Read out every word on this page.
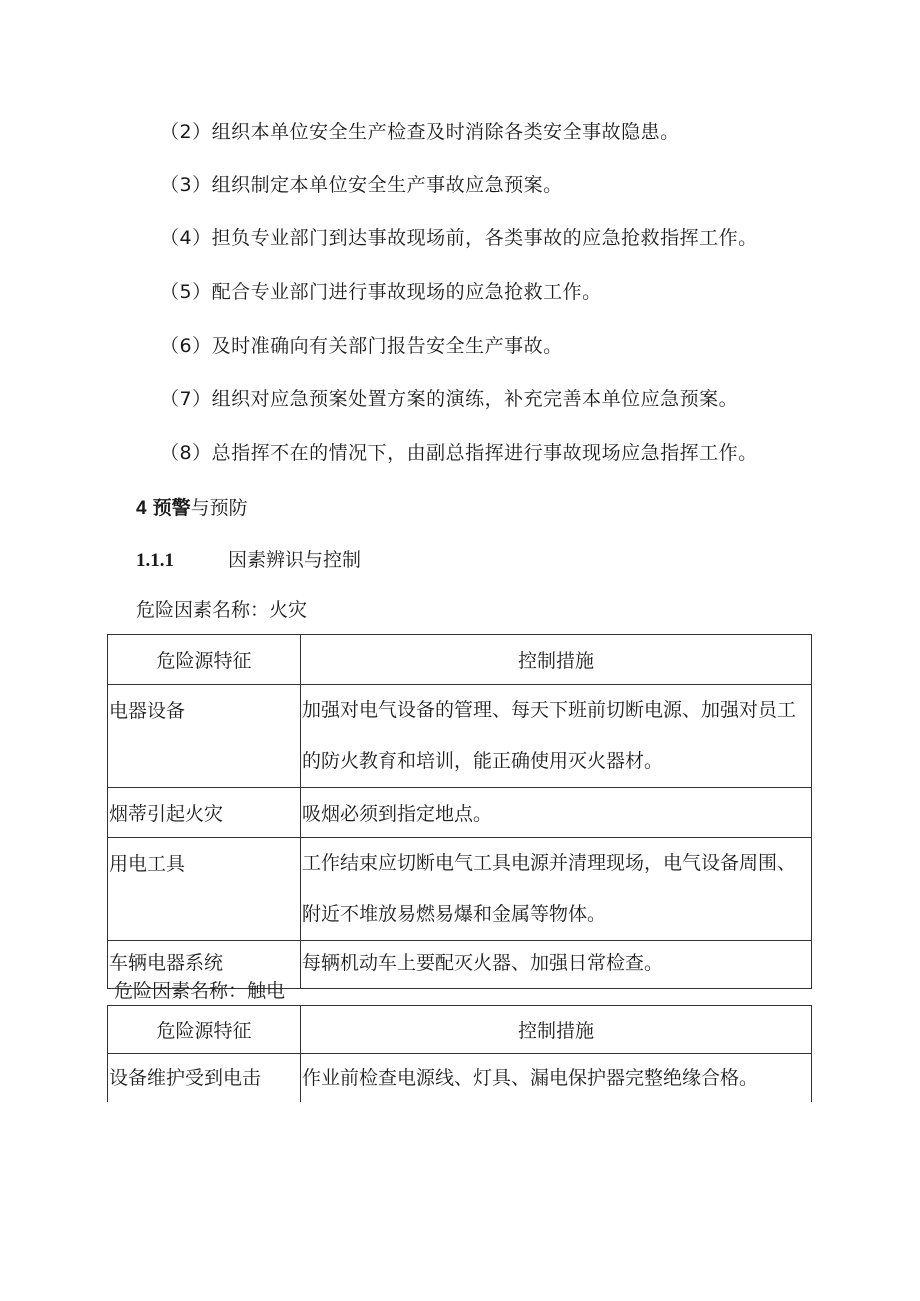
（2）组织本单位安全生产检查及时消除各类安全事故隐患。
（3）组织制定本单位安全生产事故应急预案。
（4）担负专业部门到达事故现场前，各类事故的应急抢救指挥工作。
（5）配合专业部门进行事故现场的应急抢救工作。
（6）及时准确向有关部门报告安全生产事故。
（7）组织对应急预案处置方案的演练，补充完善本单位应急预案。
（8）总指挥不在的情况下，由副总指挥进行事故现场应急指挥工作。
4 预警与预防
1.1.1	因素辨识与控制
危险因素名称：火灾
危险源特征	控制措施

电器设备	加强对电气设备的管理、每天下班前切断电源、加强对员工的防火教育和培训，能正确使用灭火器材。

烟蒂引起火灾	吸烟必须到指定地点。

用电工具	工作结束应切断电气工具电源并清理现场，电气设备周围、附近不堆放易燃易爆和金属等物体。

车辆电器系统	每辆机动车上要配灭火器、加强日常检查。
危险因素名称：触电
危险源特征	控制措施

设备维护受到电击	作业前检查电源线、灯具、漏电保护器完整绝缘合格。
